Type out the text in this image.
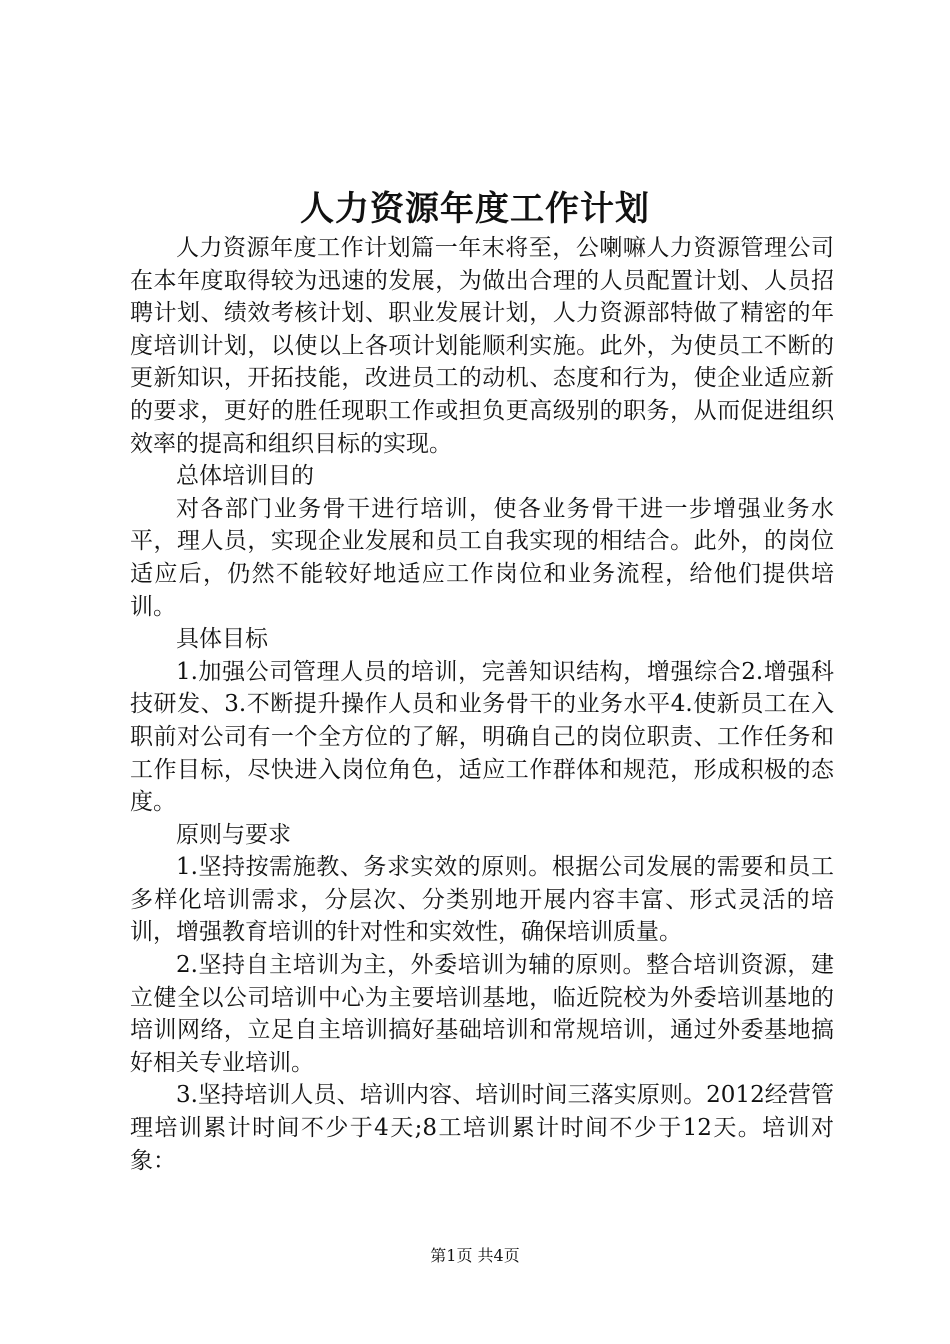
人力资源年度工作计划

人力资源年度工作计划篇一年末将至，公喇嘛人力资源管理公司在本年度取得较为迅速的发展，为做出合理的人员配置计划、人员招聘计划、绩效考核计划、职业发展计划，人力资源部特做了精密的年度培训计划，以使以上各项计划能顺利实施。此外，为使员工不断的更新知识，开拓技能，改进员工的动机、态度和行为，使企业适应新的要求，更好的胜任现职工作或担负更高级别的职务，从而促进组织效率的提高和组织目标的实现。

总体培训目的

对各部门业务骨干进行培训，使各业务骨干进一步增强业务水平，理人员，实现企业发展和员工自我实现的相结合。此外，的岗位适应后，仍然不能较好地适应工作岗位和业务流程，给他们提供培训。

具体目标

1.加强公司管理人员的培训，完善知识结构，增强综合2.增强科技研发、3.不断提升操作人员和业务骨干的业务水平4.使新员工在入职前对公司有一个全方位的了解，明确自己的岗位职责、工作任务和工作目标，尽快进入岗位角色，适应工作群体和规范，形成积极的态度。

原则与要求

1.坚持按需施教、务求实效的原则。根据公司发展的需要和员工多样化培训需求，分层次、分类别地开展内容丰富、形式灵活的培训，增强教育培训的针对性和实效性，确保培训质量。

2.坚持自主培训为主，外委培训为辅的原则。整合培训资源，建立健全以公司培训中心为主要培训基地，临近院校为外委培训基地的培训网络，立足自主培训搞好基础培训和常规培训，通过外委基地搞好相关专业培训。

3.坚持培训人员、培训内容、培训时间三落实原则。2012经营管理培训累计时间不少于4天;8工培训累计时间不少于12天。培训对象：

第1页 共4页
